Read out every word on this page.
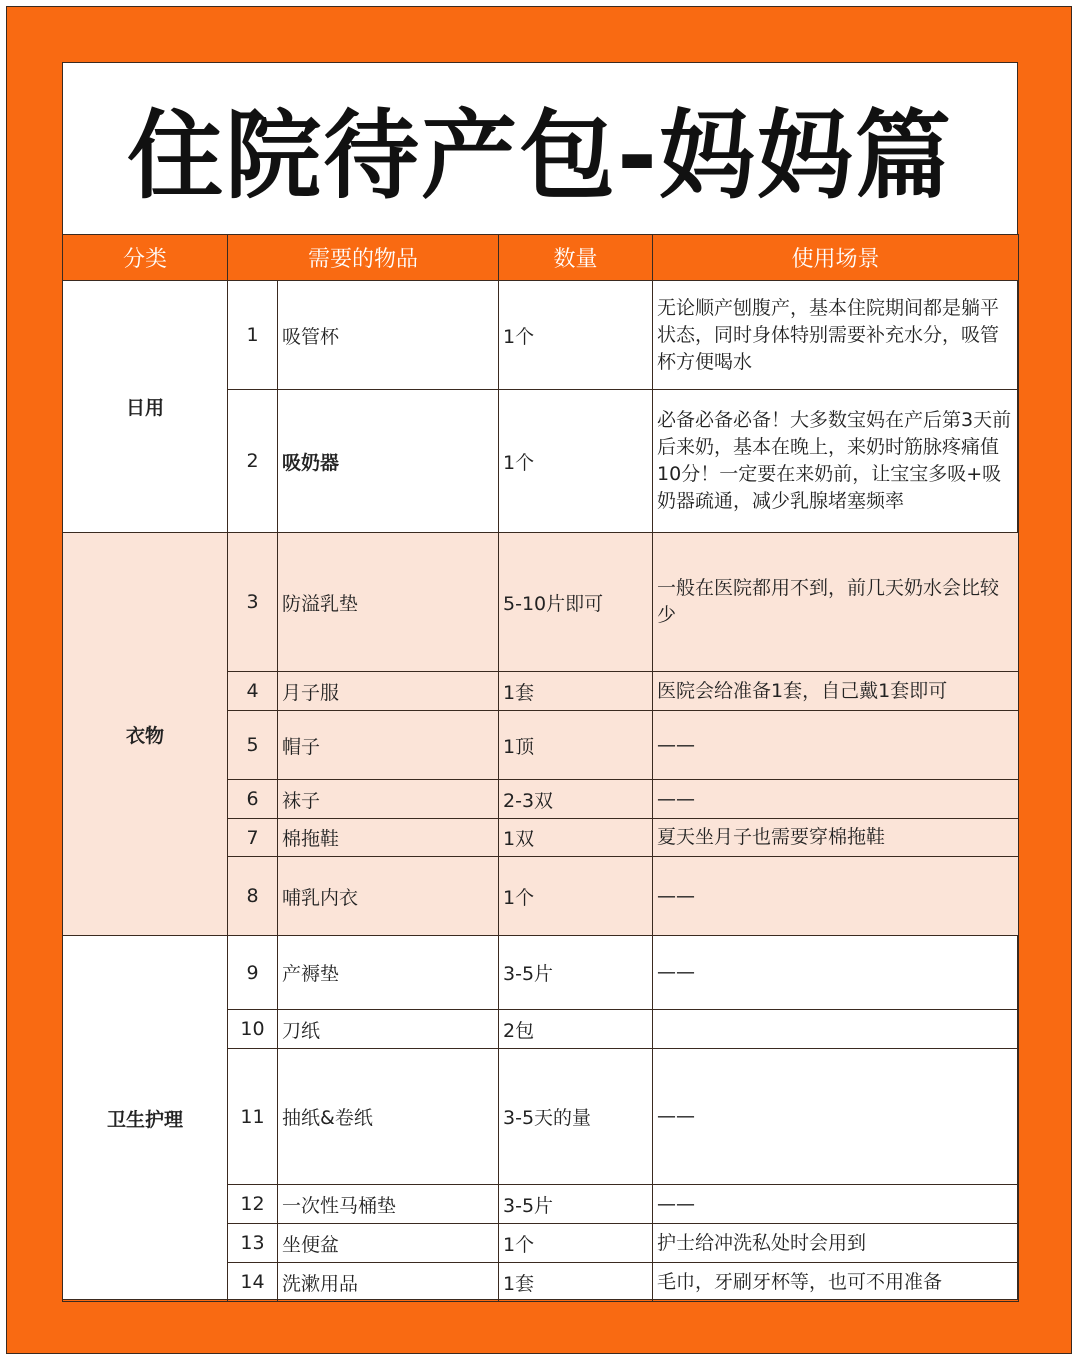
住院待产包-妈妈篇
分类	需要的物品		数量	使用场景
日用	1	吸管杯	1个	无论顺产刨腹产，基本住院期间都是躺平状态，同时身体特别需要补充水分，吸管杯方便喝水
	2	吸奶器	1个	必备必备必备！大多数宝妈在产后第3天前后来奶，基本在晚上，来奶时筋脉疼痛值10分！一定要在来奶前，让宝宝多吸+吸奶器疏通，减少乳腺堵塞频率
衣物	3	防溢乳垫	5-10片即可	一般在医院都用不到，前几天奶水会比较少
	4	月子服	1套	医院会给准备1套，自己戴1套即可
	5	帽子	1顶	——
	6	袜子	2-3双	——
	7	棉拖鞋	1双	夏天坐月子也需要穿棉拖鞋
	8	哺乳内衣	1个	——
卫生护理	9	产褥垫	3-5片	——
	10	刀纸	2包	
	11	抽纸&卷纸	3-5天的量	——
	12	一次性马桶垫	3-5片	——
	13	坐便盆	1个	护士给冲洗私处时会用到
	14	洗漱用品	1套	毛巾，牙刷牙杯等，也可不用准备
